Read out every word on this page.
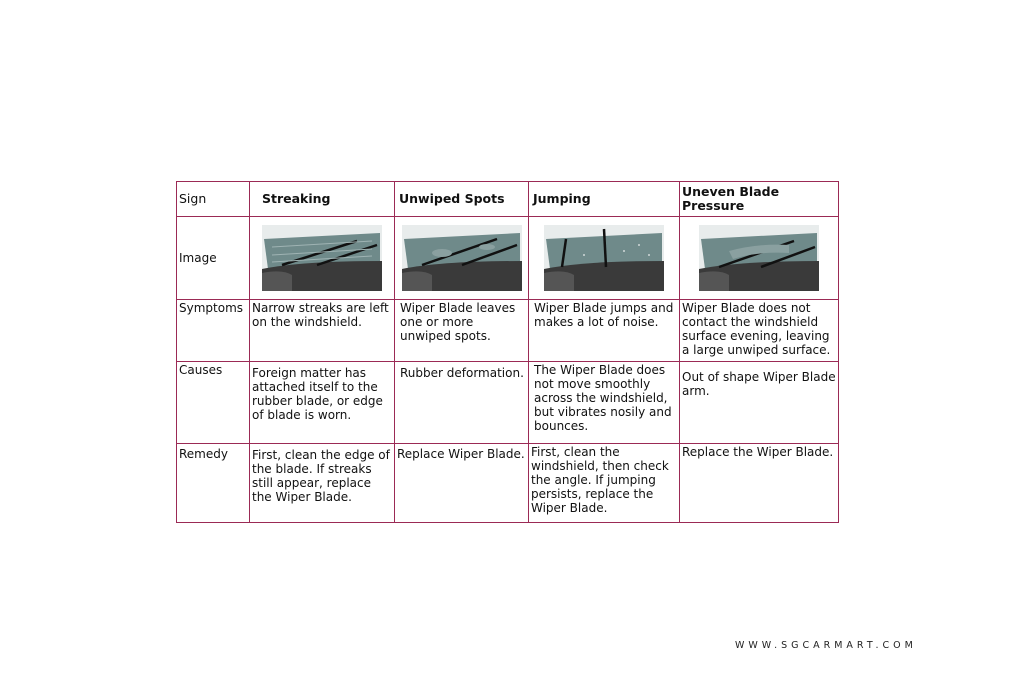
Sign	Streaking	Unwiped Spots	Jumping	Uneven Blade Pressure
Image	

Symptoms	Narrow streaks are left on the windshield.	Wiper Blade leaves one or more unwiped spots.	Wiper Blade jumps and makes a lot of noise.	Wiper Blade does not contact the windshield surface evening, leaving a large unwiped surface.
Causes	Foreign matter has attached itself to the rubber blade, or edge of blade is worn.	Rubber deformation.	The Wiper Blade does not move smoothly across the windshield, but vibrates nosily and bounces.	Out of shape Wiper Blade arm.
Remedy	First, clean the edge of the blade. If streaks still appear, replace the Wiper Blade.	Replace Wiper Blade.	First, clean the windshield, then check the angle. If jumping persists, replace the Wiper Blade.	Replace the Wiper Blade.
WWW.SGCARMART.COM
